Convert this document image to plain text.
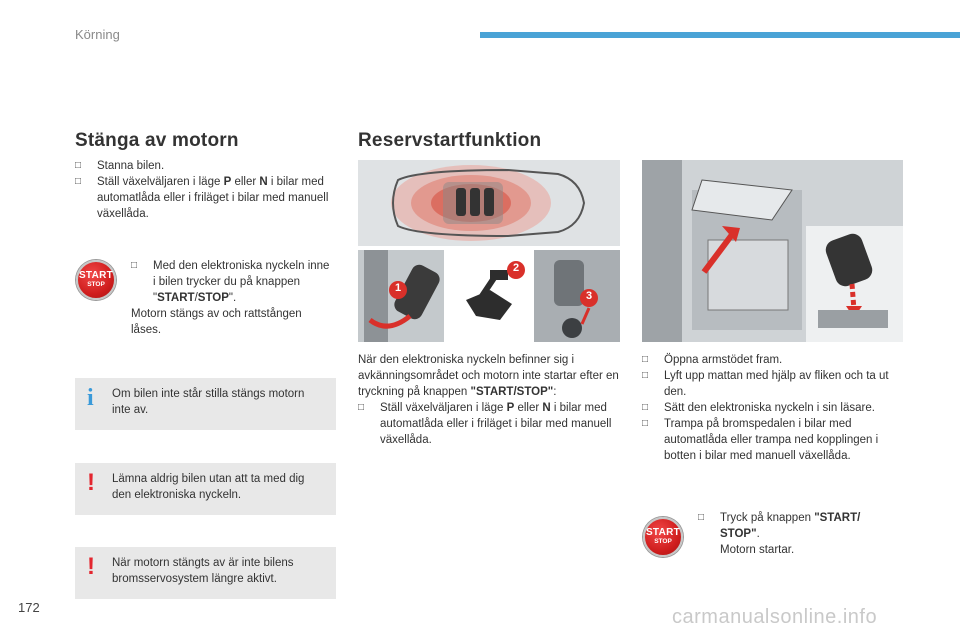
Körning
Stänga av motorn
□ Stanna bilen.
□ Ställ växelväljaren i läge P eller N i bilar med automatlåda eller i friläget i bilar med manuell växellåda.
START
STOP
□ Med den elektroniska nyckeln inne i bilen trycker du på knappen "START/STOP".
Motorn stängs av och rattstången låses.
i Om bilen inte står stilla stängs motorn inte av.
! Lämna aldrig bilen utan att ta med dig den elektroniska nyckeln.
! När motorn stängts av är inte bilens bromsservosystem längre aktivt.
Reservstartfunktion
1
2
3
När den elektroniska nyckeln befinner sig i avkänningsområdet och motorn inte startar efter en tryckning på knappen "START/STOP":
□ Ställ växelväljaren i läge P eller N i bilar med automatlåda eller i friläget i bilar med manuell växellåda.
□ Öppna armstödet fram.
□ Lyft upp mattan med hjälp av fliken och ta ut den.
□ Sätt den elektroniska nyckeln i sin läsare.
□ Trampa på bromspedalen i bilar med automatlåda eller trampa ned kopplingen i botten i bilar med manuell växellåda.
START
STOP
□ Tryck på knappen "START/ STOP".
Motorn startar.
172	carmanualsonline.info
